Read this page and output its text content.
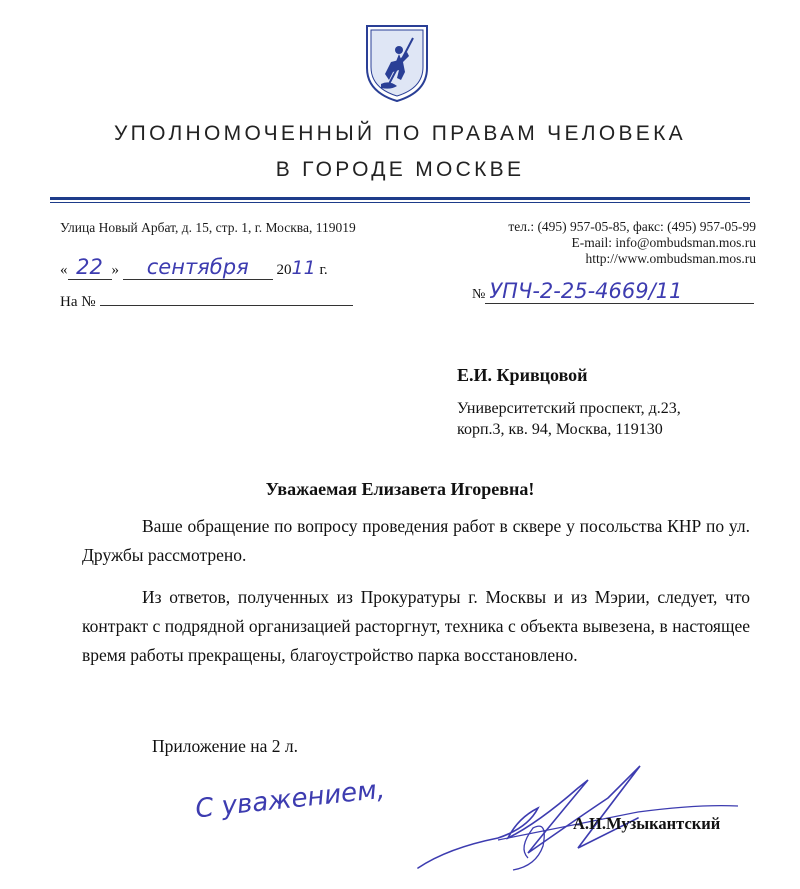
УПОЛНОМОЧЕННЫЙ ПО ПРАВАМ ЧЕЛОВЕКА
В ГОРОДЕ МОСКВЕ
Улица Новый Арбат, д. 15, стр. 1, г. Москва, 119019	тел.: (495) 957-05-85, факс: (495) 957-05-99
E-mail: info@ombudsman.mos.ru
http://www.ombudsman.mos.ru
« 22 » сентября 2011 г.
На №	№ УПЧ-2-25-4669/11
Е.И. Кривцовой
Университетский проспект, д.23,
корп.3, кв. 94, Москва, 119130
Уважаемая Елизавета Игоревна!
Ваше обращение по вопросу проведения работ в сквере у посольства КНР по ул. Дружбы рассмотрено.
Из ответов, полученных из Прокуратуры г. Москвы и из Мэрии, следует, что контракт с подрядной организацией расторгнут, техника с объекта вывезена, в настоящее время работы прекращены, благоустройство парка восстановлено.
Приложение на 2 л.
С уважением,	А.И.Музыкантский
